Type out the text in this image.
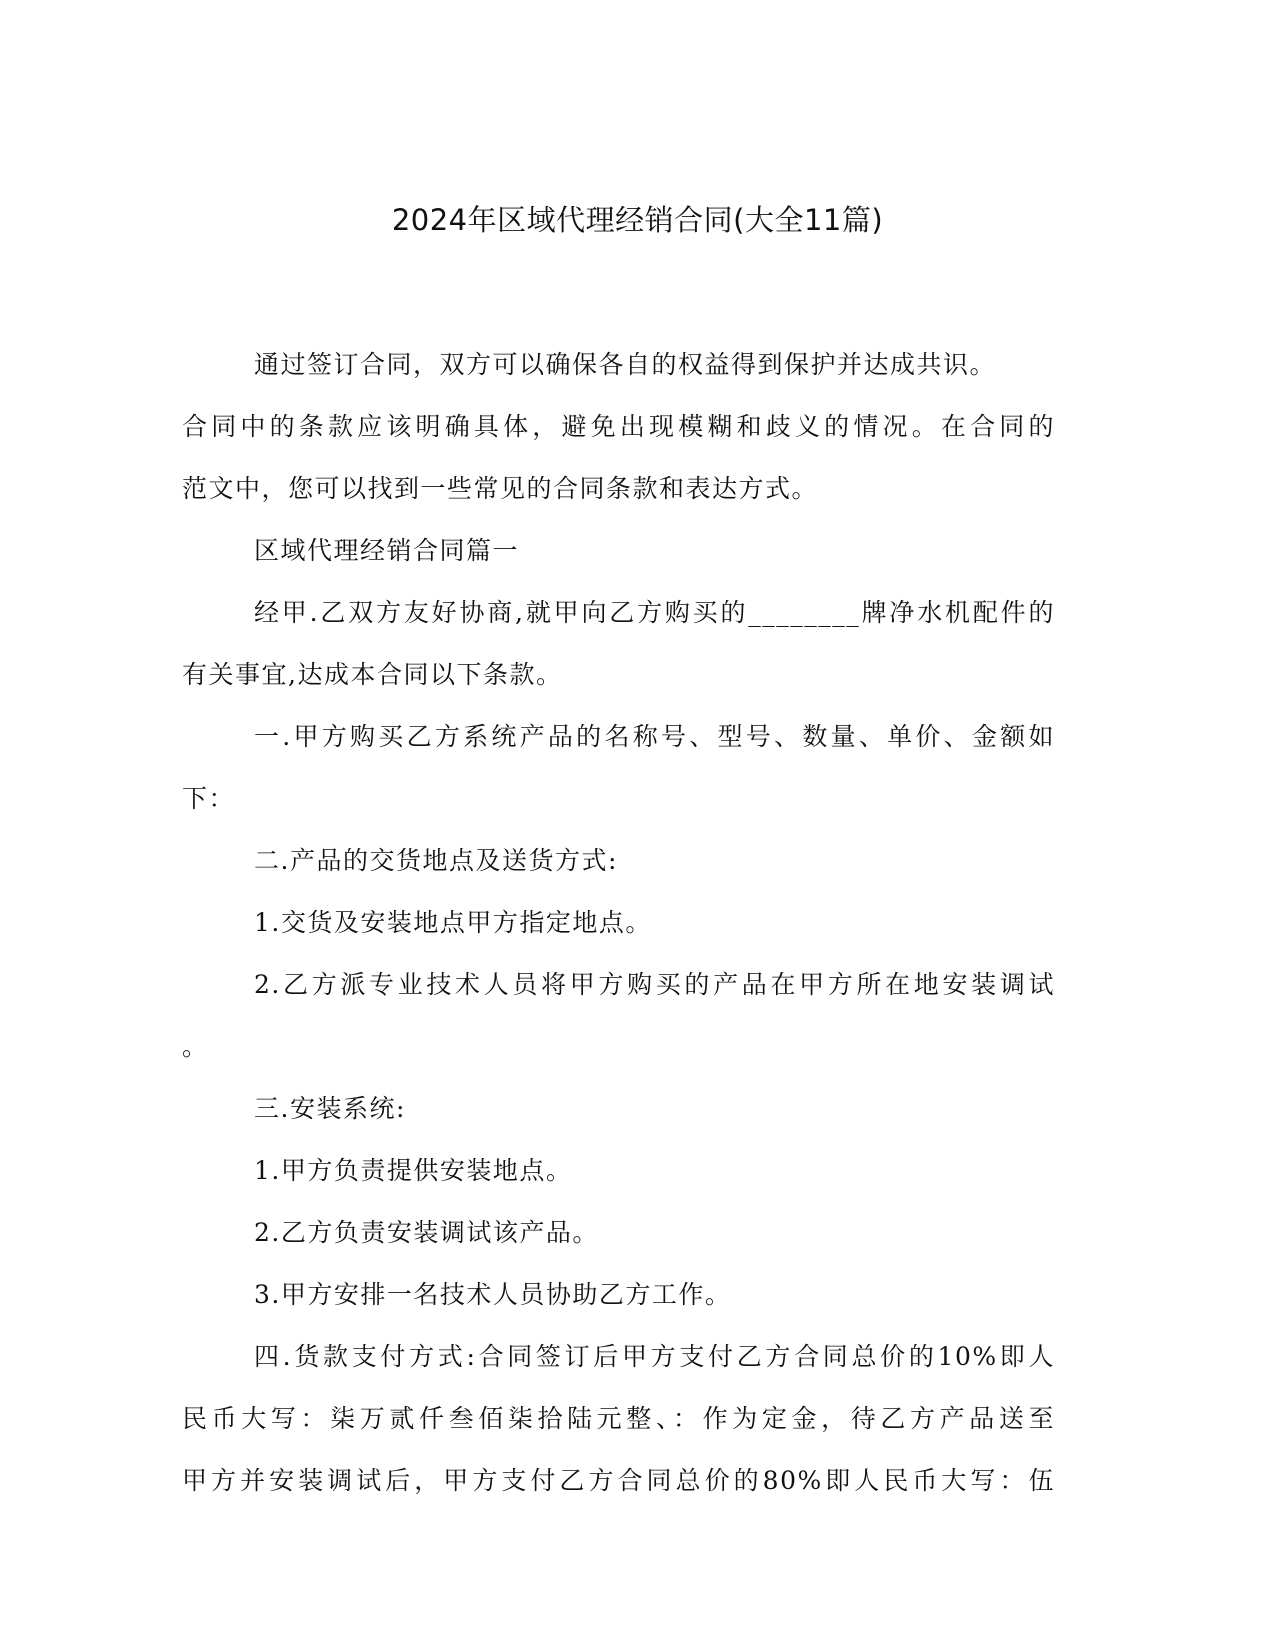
2024年区域代理经销合同(大全11篇)
通过签订合同，双方可以确保各自的权益得到保护并达成共识。
合同中的条款应该明确具体，避免出现模糊和歧义的情况。在合同的
范文中，您可以找到一些常见的合同条款和表达方式。
区域代理经销合同篇一
经甲.乙双方友好协商,就甲向乙方购买的________牌净水机配件的
有关事宜,达成本合同以下条款。
一.甲方购买乙方系统产品的名称号、型号、数量、单价、金额如
下：
二.产品的交货地点及送货方式:
1.交货及安装地点甲方指定地点。
2.乙方派专业技术人员将甲方购买的产品在甲方所在地安装调试
。
三.安装系统:
1.甲方负责提供安装地点。
2.乙方负责安装调试该产品。
3.甲方安排一名技术人员协助乙方工作。
四.货款支付方式:合同签订后甲方支付乙方合同总价的10%即人
民币大写：柒万贰仟叁佰柒拾陆元整、：作为定金，待乙方产品送至
甲方并安装调试后，甲方支付乙方合同总价的80%即人民币大写：伍
